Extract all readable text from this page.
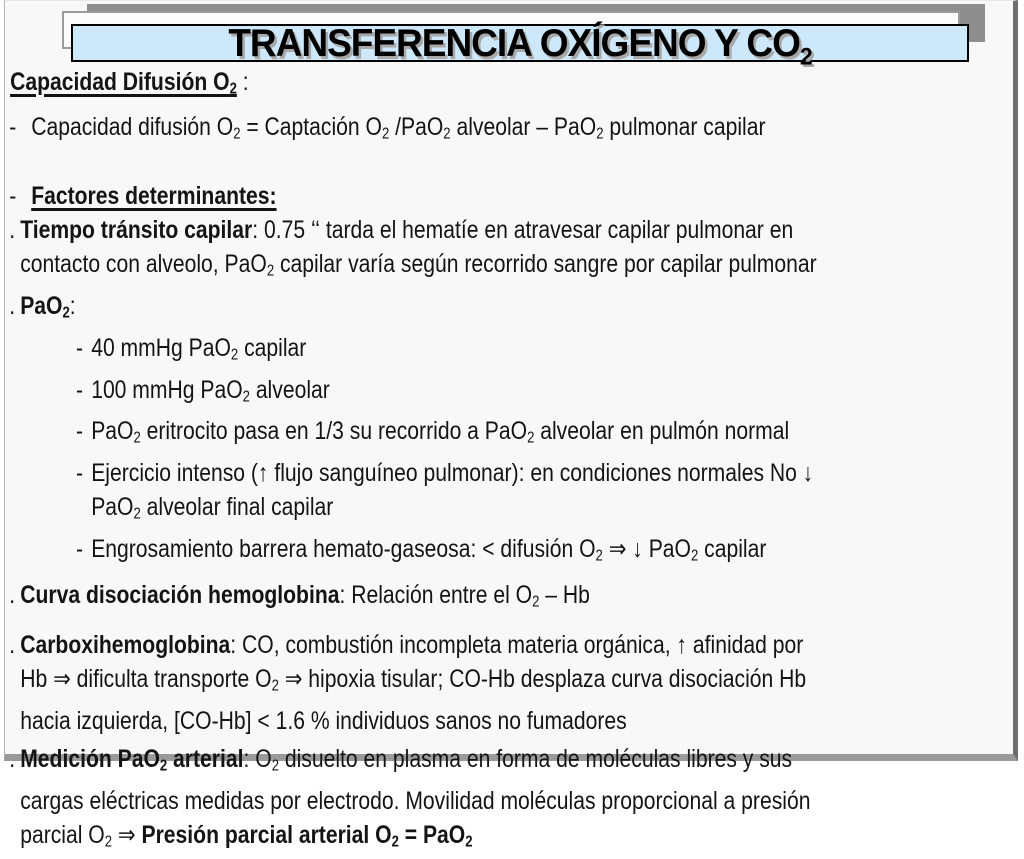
TRANSFERENCIA OXÍGENO Y $CO_2$
Capacidad Difusión O2 :
- Capacidad difusión O2 = Captación O2 /PaO2 alveolar – PaO2 pulmonar capilar
- Factores determinantes:
. Tiempo tránsito capilar: 0.75 ‘‘ tarda el hematíe en atravesar capilar pulmonar en
contacto con alveolo, PaO2 capilar varía según recorrido sangre por capilar pulmonar
. PaO2:
- 40 mmHg PaO2 capilar
- 100 mmHg PaO2 alveolar
- PaO2 eritrocito pasa en 1/3 su recorrido a PaO2 alveolar en pulmón normal
- Ejercicio intenso (↑ flujo sanguíneo pulmonar): en condiciones normales No ↓
PaO2 alveolar final capilar
- Engrosamiento barrera hemato-gaseosa: < difusión O2 ⇒ ↓ PaO2 capilar
. Curva disociación hemoglobina: Relación entre el O2 – Hb
. Carboxihemoglobina: CO, combustión incompleta materia orgánica, ↑ afinidad por
Hb ⇒ dificulta transporte O2 ⇒ hipoxia tisular; CO-Hb desplaza curva disociación Hb
hacia izquierda, [CO-Hb] < 1.6 % individuos sanos no fumadores
. Medición PaO2 arterial: O2 disuelto en plasma en forma de moléculas libres y sus
cargas eléctricas medidas por electrodo. Movilidad moléculas proporcional a presión
parcial O2 ⇒ Presión parcial arterial O2 = PaO2
